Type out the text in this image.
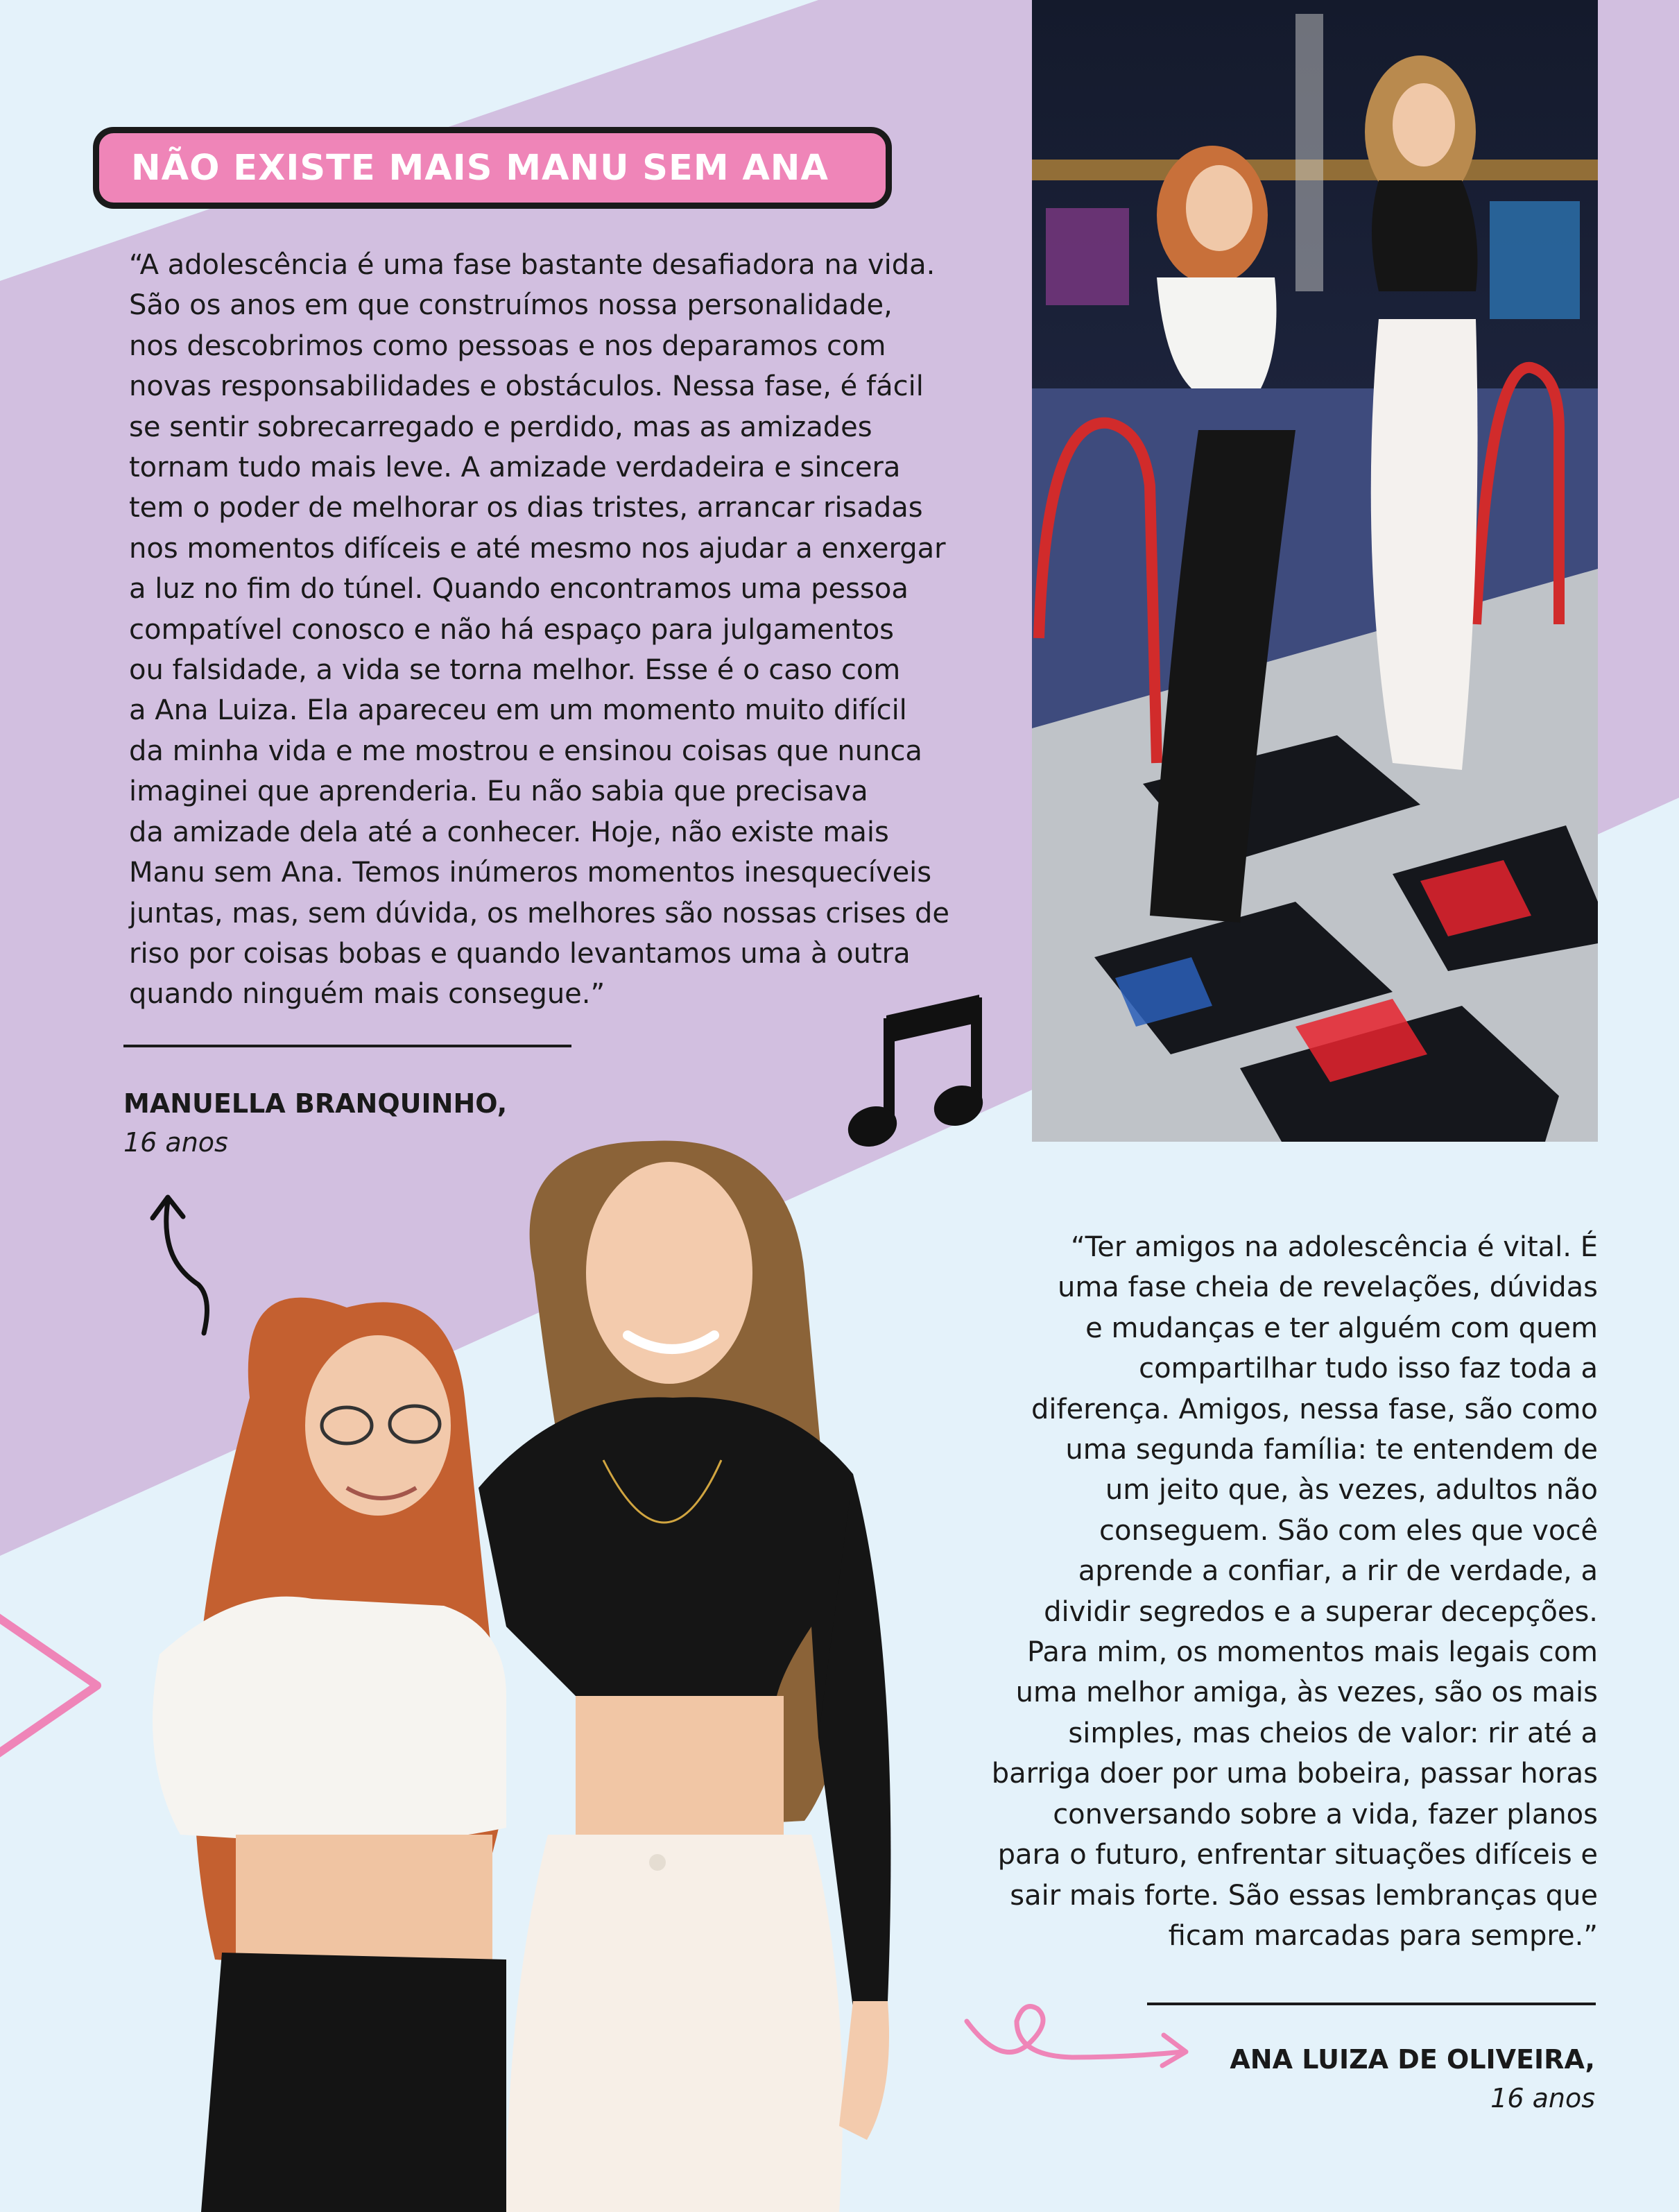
NÃO EXISTE MAIS MANU SEM ANA

“A adolescência é uma fase bastante desafiadora na vida.

São os anos em que construímos nossa personalidade,

nos descobrimos como pessoas e nos deparamos com

novas responsabilidades e obstáculos. Nessa fase, é fácil

se sentir sobrecarregado e perdido, mas as amizades

tornam tudo mais leve. A amizade verdadeira e sincera

tem o poder de melhorar os dias tristes, arrancar risadas

nos momentos difíceis e até mesmo nos ajudar a enxergar

a luz no fim do túnel. Quando encontramos uma pessoa

compatível conosco e não há espaço para julgamentos

ou falsidade, a vida se torna melhor. Esse é o caso com

a Ana Luiza. Ela apareceu em um momento muito difícil

da minha vida e me mostrou e ensinou coisas que nunca

imaginei que aprenderia. Eu não sabia que precisava

da amizade dela até a conhecer. Hoje, não existe mais

Manu sem Ana. Temos inúmeros momentos inesquecíveis

juntas, mas, sem dúvida, os melhores são nossas crises de

riso por coisas bobas e quando levantamos uma à outra

quando ninguém mais consegue.”

MANUELLA BRANQUINHO,
16 anos

“Ter amigos na adolescência é vital. É

uma fase cheia de revelações, dúvidas

e mudanças e ter alguém com quem

compartilhar tudo isso faz toda a

diferença. Amigos, nessa fase, são como

uma segunda família: te entendem de

um jeito que, às vezes, adultos não

conseguem. São com eles que você

aprende a confiar, a rir de verdade, a

dividir segredos e a superar decepções.

Para mim, os momentos mais legais com

uma melhor amiga, às vezes, são os mais

simples, mas cheios de valor: rir até a

barriga doer por uma bobeira, passar horas

conversando sobre a vida, fazer planos

para o futuro, enfrentar situações difíceis e

sair mais forte. São essas lembranças que

ficam marcadas para sempre.”

ANA LUIZA DE OLIVEIRA,
16 anos
